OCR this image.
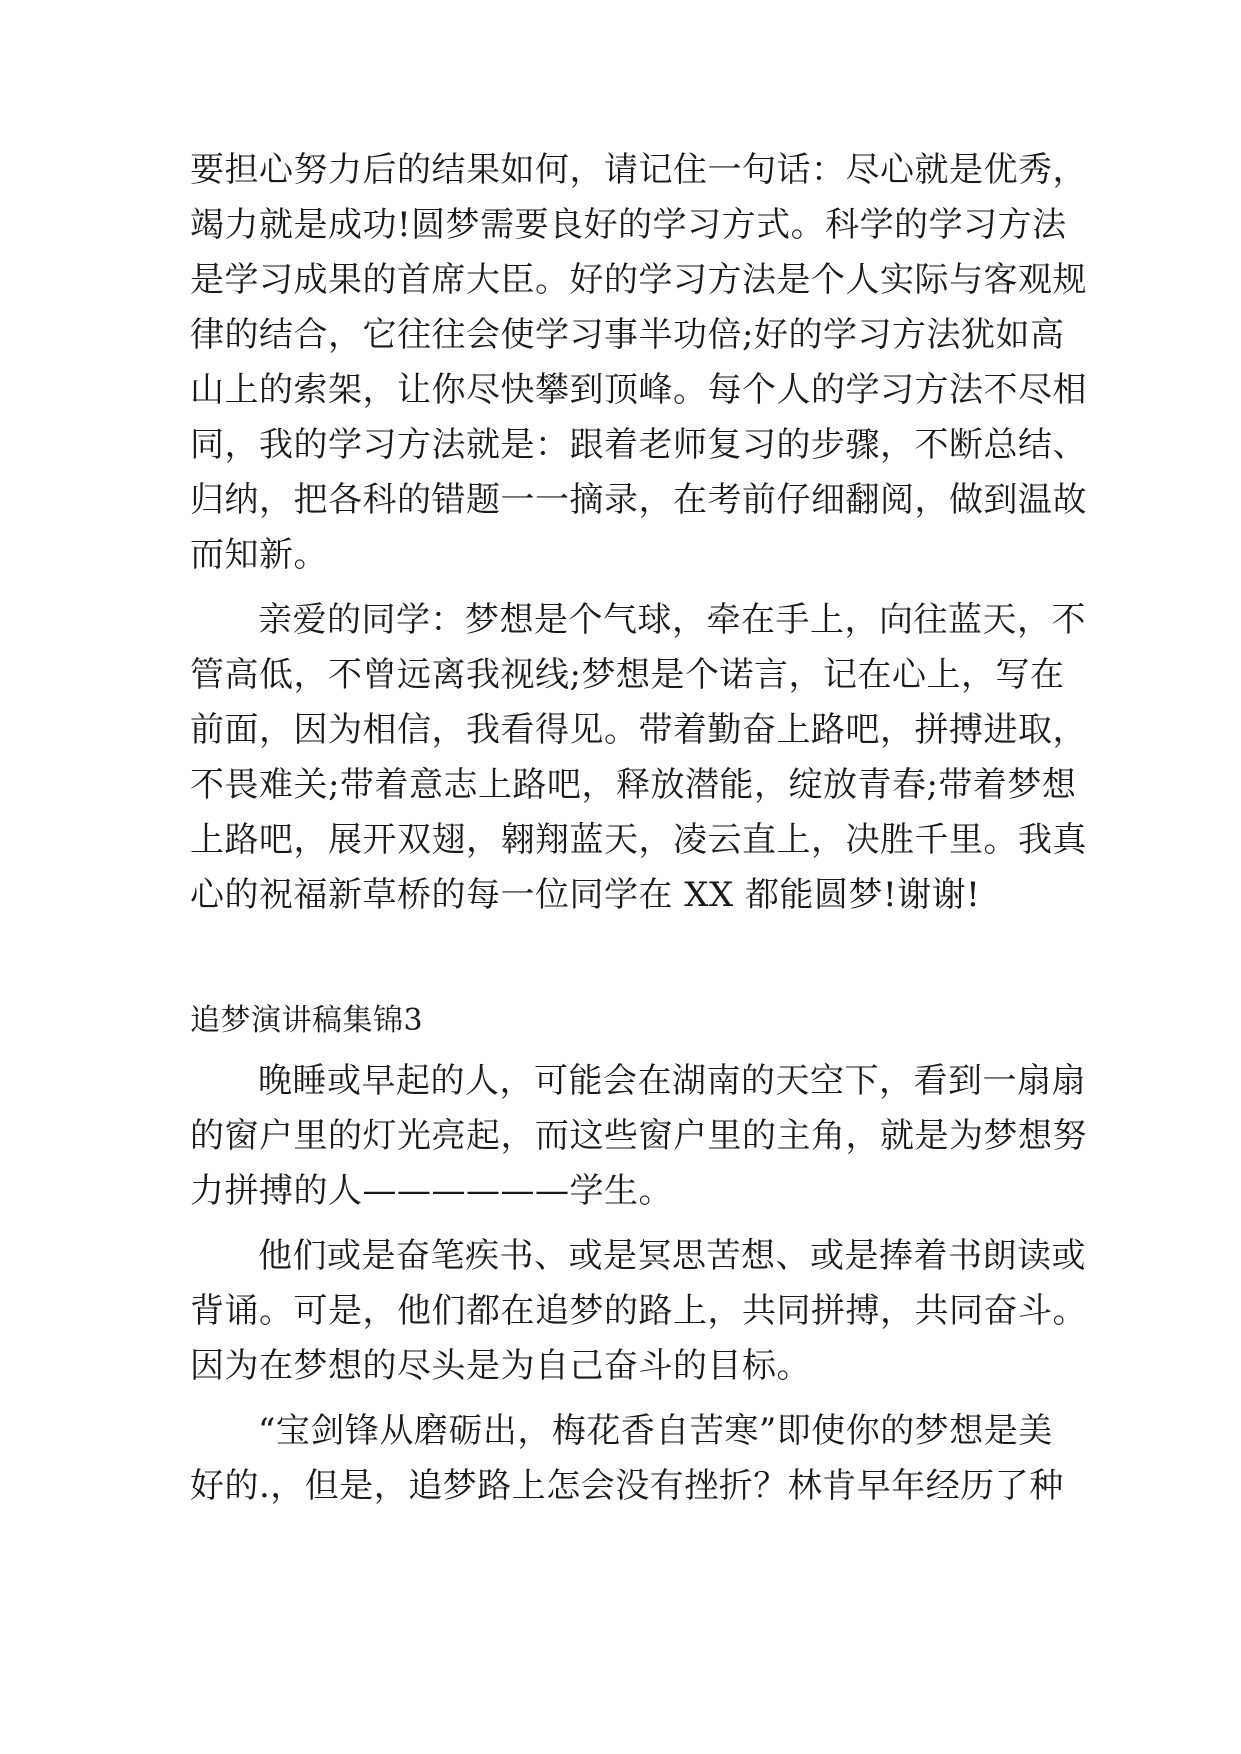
要担心努力后的结果如何，请记住一句话：尽心就是优秀，
竭力就是成功!圆梦需要良好的学习方式。科学的学习方法
是学习成果的首席大臣。好的学习方法是个人实际与客观规
律的结合，它往往会使学习事半功倍;好的学习方法犹如高
山上的索架，让你尽快攀到顶峰。每个人的学习方法不尽相
同，我的学习方法就是：跟着老师复习的步骤，不断总结、
归纳，把各科的错题一一摘录，在考前仔细翻阅，做到温故
而知新。
亲爱的同学：梦想是个气球，牵在手上，向往蓝天，不
管高低，不曾远离我视线;梦想是个诺言，记在心上，写在
前面，因为相信，我看得见。带着勤奋上路吧，拼搏进取，
不畏难关;带着意志上路吧，释放潜能，绽放青春;带着梦想
上路吧，展开双翅，翱翔蓝天，凌云直上，决胜千里。我真
心的祝福新草桥的每一位同学在 XX 都能圆梦!谢谢!
追梦演讲稿集锦3
晚睡或早起的人，可能会在湖南的天空下，看到一扇扇
的窗户里的灯光亮起，而这些窗户里的主角，就是为梦想努
力拼搏的人——————学生。
他们或是奋笔疾书、或是冥思苦想、或是捧着书朗读或
背诵。可是，他们都在追梦的路上，共同拼搏，共同奋斗。
因为在梦想的尽头是为自己奋斗的目标。
“宝剑锋从磨砺出，梅花香自苦寒”即使你的梦想是美
好的.，但是，追梦路上怎会没有挫折？林肯早年经历了种
